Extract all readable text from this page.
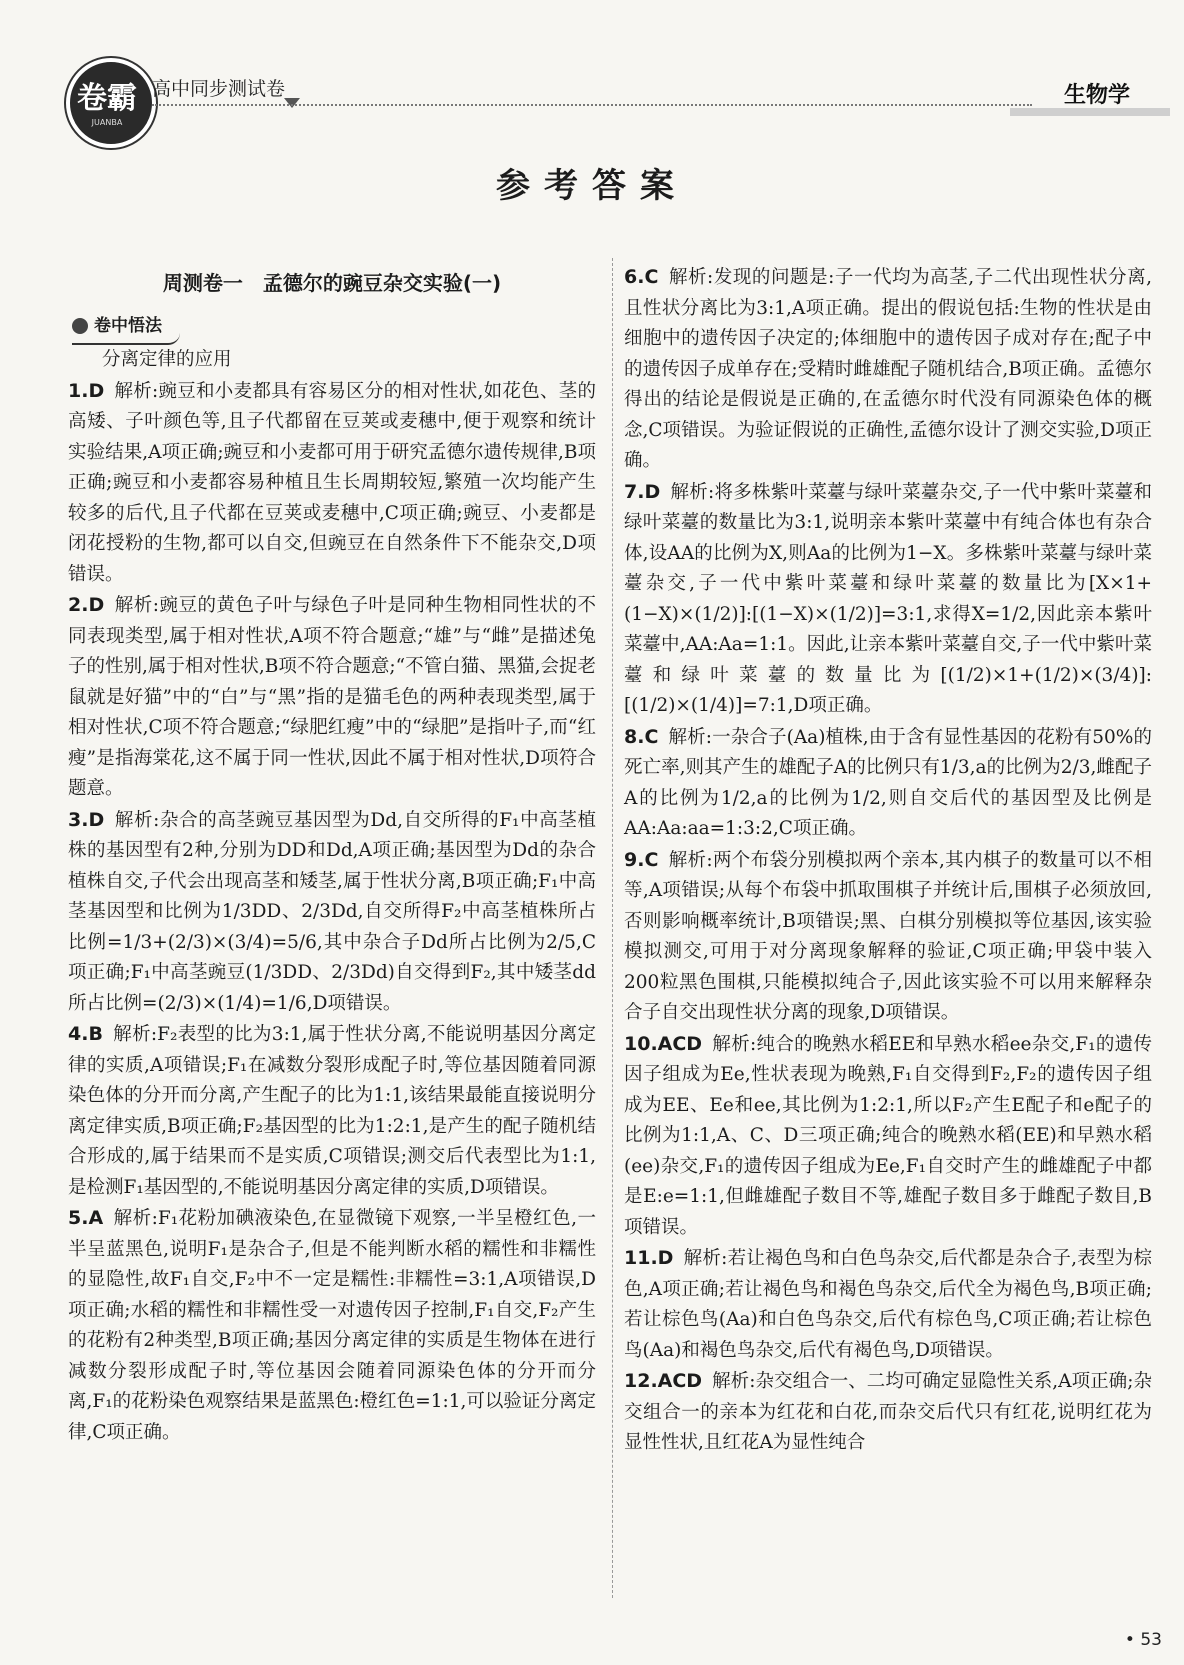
卷霸
JUANBA
高中同步测试卷	生物学
参考答案
周测卷一　孟德尔的豌豆杂交实验(一)
卷中悟法
分离定律的应用
1.D 解析:豌豆和小麦都具有容易区分的相对性状,如花色、茎的高矮、子叶颜色等,且子代都留在豆荚或麦穗中,便于观察和统计实验结果,A项正确;豌豆和小麦都可用于研究孟德尔遗传规律,B项正确;豌豆和小麦都容易种植且生长周期较短,繁殖一次均能产生较多的后代,且子代都在豆荚或麦穗中,C项正确;豌豆、小麦都是闭花授粉的生物,都可以自交,但豌豆在自然条件下不能杂交,D项错误。
2.D 解析:豌豆的黄色子叶与绿色子叶是同种生物相同性状的不同表现类型,属于相对性状,A项不符合题意;“雄”与“雌”是描述兔子的性别,属于相对性状,B项不符合题意;“不管白猫、黑猫,会捉老鼠就是好猫”中的“白”与“黑”指的是猫毛色的两种表现类型,属于相对性状,C项不符合题意;“绿肥红瘦”中的“绿肥”是指叶子,而“红瘦”是指海棠花,这不属于同一性状,因此不属于相对性状,D项符合题意。
3.D 解析:杂合的高茎豌豆基因型为Dd,自交所得的F₁中高茎植株的基因型有2种,分别为DD和Dd,A项正确;基因型为Dd的杂合植株自交,子代会出现高茎和矮茎,属于性状分离,B项正确;F₁中高茎基因型和比例为1/3DD、2/3Dd,自交所得F₂中高茎植株所占比例=1/3+(2/3)×(3/4)=5/6,其中杂合子Dd所占比例为2/5,C项正确;F₁中高茎豌豆(1/3DD、2/3Dd)自交得到F₂,其中矮茎dd所占比例=(2/3)×(1/4)=1/6,D项错误。
4.B 解析:F₂表型的比为3:1,属于性状分离,不能说明基因分离定律的实质,A项错误;F₁在减数分裂形成配子时,等位基因随着同源染色体的分开而分离,产生配子的比为1:1,该结果最能直接说明分离定律实质,B项正确;F₂基因型的比为1:2:1,是产生的配子随机结合形成的,属于结果而不是实质,C项错误;测交后代表型比为1:1,是检测F₁基因型的,不能说明基因分离定律的实质,D项错误。
5.A 解析:F₁花粉加碘液染色,在显微镜下观察,一半呈橙红色,一半呈蓝黑色,说明F₁是杂合子,但是不能判断水稻的糯性和非糯性的显隐性,故F₁自交,F₂中不一定是糯性:非糯性=3:1,A项错误,D项正确;水稻的糯性和非糯性受一对遗传因子控制,F₁自交,F₂产生的花粉有2种类型,B项正确;基因分离定律的实质是生物体在进行减数分裂形成配子时,等位基因会随着同源染色体的分开而分离,F₁的花粉染色观察结果是蓝黑色:橙红色=1:1,可以验证分离定律,C项正确。
6.C 解析:发现的问题是:子一代均为高茎,子二代出现性状分离,且性状分离比为3:1,A项正确。提出的假说包括:生物的性状是由细胞中的遗传因子决定的;体细胞中的遗传因子成对存在;配子中的遗传因子成单存在;受精时雌雄配子随机结合,B项正确。孟德尔得出的结论是假说是正确的,在孟德尔时代没有同源染色体的概念,C项错误。为验证假说的正确性,孟德尔设计了测交实验,D项正确。
7.D 解析:将多株紫叶菜薹与绿叶菜薹杂交,子一代中紫叶菜薹和绿叶菜薹的数量比为3:1,说明亲本紫叶菜薹中有纯合体也有杂合体,设AA的比例为X,则Aa的比例为1−X。多株紫叶菜薹与绿叶菜薹杂交,子一代中紫叶菜薹和绿叶菜薹的数量比为[X×1+(1−X)×(1/2)]:[(1−X)×(1/2)]=3:1,求得X=1/2,因此亲本紫叶菜薹中,AA:Aa=1:1。因此,让亲本紫叶菜薹自交,子一代中紫叶菜薹和绿叶菜薹的数量比为[(1/2)×1+(1/2)×(3/4)]:[(1/2)×(1/4)]=7:1,D项正确。
8.C 解析:一杂合子(Aa)植株,由于含有显性基因的花粉有50%的死亡率,则其产生的雄配子A的比例只有1/3,a的比例为2/3,雌配子A的比例为1/2,a的比例为1/2,则自交后代的基因型及比例是AA:Aa:aa=1:3:2,C项正确。
9.C 解析:两个布袋分别模拟两个亲本,其内棋子的数量可以不相等,A项错误;从每个布袋中抓取围棋子并统计后,围棋子必须放回,否则影响概率统计,B项错误;黑、白棋分别模拟等位基因,该实验模拟测交,可用于对分离现象解释的验证,C项正确;甲袋中装入200粒黑色围棋,只能模拟纯合子,因此该实验不可以用来解释杂合子自交出现性状分离的现象,D项错误。
10.ACD 解析:纯合的晚熟水稻EE和早熟水稻ee杂交,F₁的遗传因子组成为Ee,性状表现为晚熟,F₁自交得到F₂,F₂的遗传因子组成为EE、Ee和ee,其比例为1:2:1,所以F₂产生E配子和e配子的比例为1:1,A、C、D三项正确;纯合的晚熟水稻(EE)和早熟水稻(ee)杂交,F₁的遗传因子组成为Ee,F₁自交时产生的雌雄配子中都是E:e=1:1,但雌雄配子数目不等,雄配子数目多于雌配子数目,B项错误。
11.D 解析:若让褐色鸟和白色鸟杂交,后代都是杂合子,表型为棕色,A项正确;若让褐色鸟和褐色鸟杂交,后代全为褐色鸟,B项正确;若让棕色鸟(Aa)和白色鸟杂交,后代有棕色鸟,C项正确;若让棕色鸟(Aa)和褐色鸟杂交,后代有褐色鸟,D项错误。
12.ACD 解析:杂交组合一、二均可确定显隐性关系,A项正确;杂交组合一的亲本为红花和白花,而杂交后代只有红花,说明红花为显性性状,且红花A为显性纯合
• 53
